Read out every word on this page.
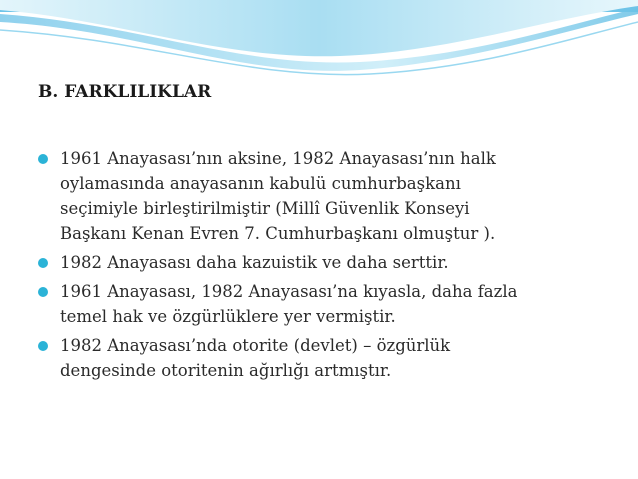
B. FARKLILIKLAR
1961 Anayasası’nın aksine, 1982 Anayasası’nın halk
oylamasında anayasanın kabulü cumhurbaşkanı
seçimiyle birleştirilmiştir (Millî Güvenlik Konseyi
Başkanı Kenan Evren 7. Cumhurbaşkanı olmuştur ).
1982 Anayasası daha kazuistik ve daha serttir.
1961 Anayasası, 1982 Anayasası’na kıyasla, daha fazla
temel hak ve özgürlüklere yer vermiştir.
1982 Anayasası’nda otorite (devlet) – özgürlük
dengesinde otoritenin ağırlığı artmıştır.
